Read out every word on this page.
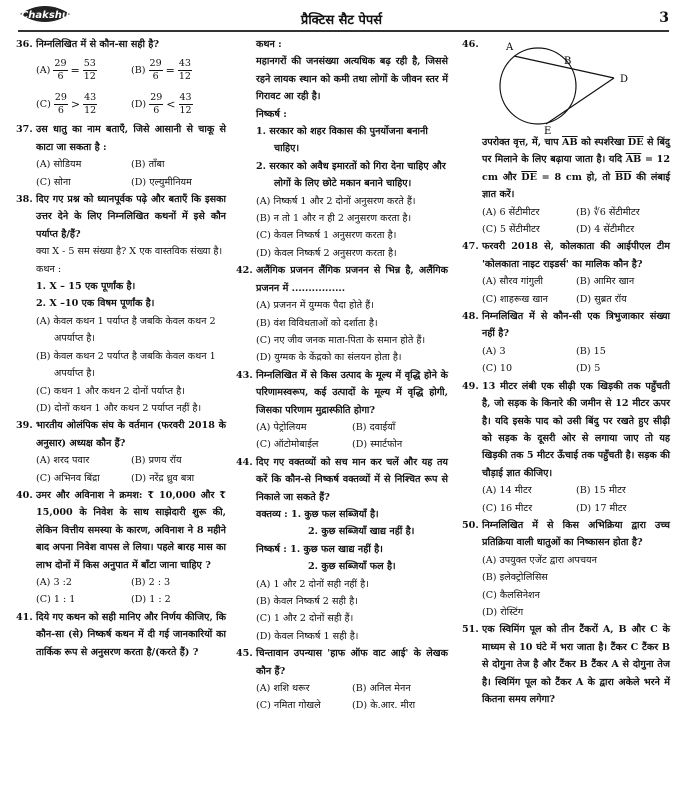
Chakshu	प्रैक्टिस सैट पेपर्स	3
36. निम्नलिखित में से कौन-सा सही है?
$(A) \frac{29}{6} = \frac{53}{12}$	$(B) \frac{29}{6} = \frac{43}{12}$
$(C) \frac{29}{6} > \frac{43}{12}$	$(D) \frac{29}{6} < \frac{43}{12}$
37. उस धातु का नाम बताएँ, जिसे आसानी से चाकू से काटा जा सकता है :
(A) सोडियम	(B) ताँबा
(C) सोना	(D) एल्युमीनियम
38. दिए गए प्रश्न को ध्यानपूर्वक पढ़े और बताएँ कि इसका उत्तर देने के लिए निम्नलिखित कथनों में इसे कौन पर्याप्त है/हैं?
क्या X - 5 सम संख्या है? X एक वास्तविक संख्या है।
कथन :
1. X – 15 एक पूर्णांक है।
2. X –10 एक विषम पूर्णांक है।
(A) केवल कथन 1 पर्याप्त है जबकि केवल कथन 2 अपर्याप्त है।
(B) केवल कथन 2 पर्याप्त है जबकि केवल कथन 1 अपर्याप्त है।
(C) कथन 1 और कथन 2 दोनों पर्याप्त है।
(D) दोनों कथन 1 और कथन 2 पर्याप्त नहीं है।
39. भारतीय ओलंपिक संघ के वर्तमान (फरवरी 2018 के अनुसार) अध्यक्ष कौन हैं?
(A) शरद पवार	(B) प्रणय रॉय
(C) अभिनव बिंद्रा	(D) नरेंद्र ध्रुव बत्रा
40. उमर और अविनाश ने क्रमश: ₹ 10,000 और ₹ 15,000 के निवेश के साथ साझेदारी शुरू की, लेकिन वित्तीय समस्या के कारण, अविनाश ने 8 महीने बाद अपना निवेश वापस ले लिया। पहले बारह मास का लाभ दोनों में किस अनुपात में बाँटा जाना चाहिए ?
(A) 3 :2	(B) 2 : 3
(C) 1 : 1	(D) 1 : 2
41. दिये गए कथन को सही मानिए और निर्णय कीजिए, कि कौन-सा (से) निष्कर्ष कथन में दी गई जानकारियों का तार्किक रूप से अनुसरण करता है/(करते हैं) ?
कथन :
महानगरों की जनसंख्या अत्यधिक बढ़ रही है, जिससे रहने लायक स्थान को कमी तथा लोगों के जीवन स्तर में गिरावट आ रही है।
निष्कर्ष :
1. सरकार को शहर विकास की पुनर्योजना बनानी चाहिए।
2. सरकार को अवैध इमारतों को गिरा देना चाहिए और लोगों के लिए छोटे मकान बनाने चाहिए।
(A) निष्कर्ष 1 और 2 दोनों अनुसरण करते हैं।
(B) न तो 1 और न ही 2 अनुसरण करता है।
(C) केवल निष्कर्ष 1 अनुसरण करता है।
(D) केवल निष्कर्ष 2 अनुसरण करता है।
42. अलैंगिक प्रजनन लैंगिक प्रजनन से भिन्न है, अलैंगिक प्रजनन में ................
(A) प्रजनन में युग्मक पैदा होते हैं।
(B) वंश विविधताओं को दर्शाता है।
(C) नए जीव जनक माता-पिता के समान होते हैं।
(D) युग्मक के केंद्रको का संलयन होता है।
43. निम्नलिखित में से किस उत्पाद के मूल्य में वृद्धि होने के परिणामस्वरूप, कई उत्पादों के मूल्य में वृद्धि होगी, जिसका परिणाम मुद्रास्फीति होगा?
(A) पेट्रोलियम	(B) दवाईयाँ
(C) ऑटोमोबाईल	(D) स्मार्टफोन
44. दिए गए वक्तव्यों को सच मान कर चलें और यह तय करें कि कौन-से निष्कर्ष वक्तव्यों में से निश्चित रूप से निकाले जा सकते हैं?
वक्तव्य : 1. कुछ फल सब्जियाँ है।
2. कुछ सब्जियाँ खाद्य नहीं है।
निष्कर्ष : 1. कुछ फल खाद्य नहीं है।
2. कुछ सब्जियाँ फल है।
(A) 1 और 2 दोनों सही नहीं है।
(B) केवल निष्कर्ष 2 सही है।
(C) 1 और 2 दोनों सही हैं।
(D) केवल निष्कर्ष 1 सही है।
45. चिन्तावान उपन्यास 'हाफ ऑफ वाट आई' के लेखक कौन हैं?
(A) शशि थरूर	(B) अनिल मेनन
(C) नमिता गोखले	(D) के.आर. मीरा
46.	A
B
D
E
उपरोक्त वृत्त, में, चाप $\overline{AB}$ को स्पर्शरेखा $\overline{DE}$ से बिंदु पर मिलाने के लिए बढ़ाया जाता है। यदि $\overline{AB} = 12$ cm और $\overline{DE} = 8$ cm हो, तो $\overline{BD}$ की लंबाई ज्ञात करें।
(A) 6 सेंटीमीटर	(B) ∜6 सेंटीमीटर
(C) 5 सेंटीमीटर	(D) 4 सेंटीमीटर
47. फरवरी 2018 से, कोलकाता की आईपीएल टीम 'कोलकाता नाइट राइडर्स' का मालिक कौन है?
(A) सौरव गांगुली	(B) आमिर खान
(C) शाहरूख खान	(D) सुब्रत रॉय
48. निम्नलिखित में से कौन-सी एक त्रिभुजाकार संख्या नहीं है?
(A) 3	(B) 15
(C) 10	(D) 5
49. 13 मीटर लंबी एक सीढ़ी एक खिड़की तक पहुँचती है, जो सड़क के किनारे की जमीन से 12 मीटर ऊपर है। यदि इसके पाद को उसी बिंदु पर रखते हुए सीढ़ी को सड़क के दूसरी ओर से लगाया जाए तो यह खिड़की तक 5 मीटर ऊँचाई तक पहुँचती है। सड़क की चौड़ाई ज्ञात कीजिए।
(A) 14 मीटर	(B) 15 मीटर
(C) 16 मीटर	(D) 17 मीटर
50. निम्नलिखित में से किस अभिक्रिया द्वारा उच्च प्रतिक्रिया वाली धातुओं का निष्कासन होता है?
(A) उपयुक्त एजेंट द्वारा अपचयन
(B) इलेक्ट्रोलिसिस
(C) कैलसिनेशन
(D) रोस्टिंग
51. एक स्विमिंग पूल को तीन टैंकरों A, B और C के माध्यम से 10 घंटे में भरा जाता है। टैंकर C टैंकर B से दोगुना तेज है और टैंकर B टैंकर A से दोगुना तेज है। स्विमिंग पूल को टैंकर A के द्वारा अकेले भरने में कितना समय लगेगा?
